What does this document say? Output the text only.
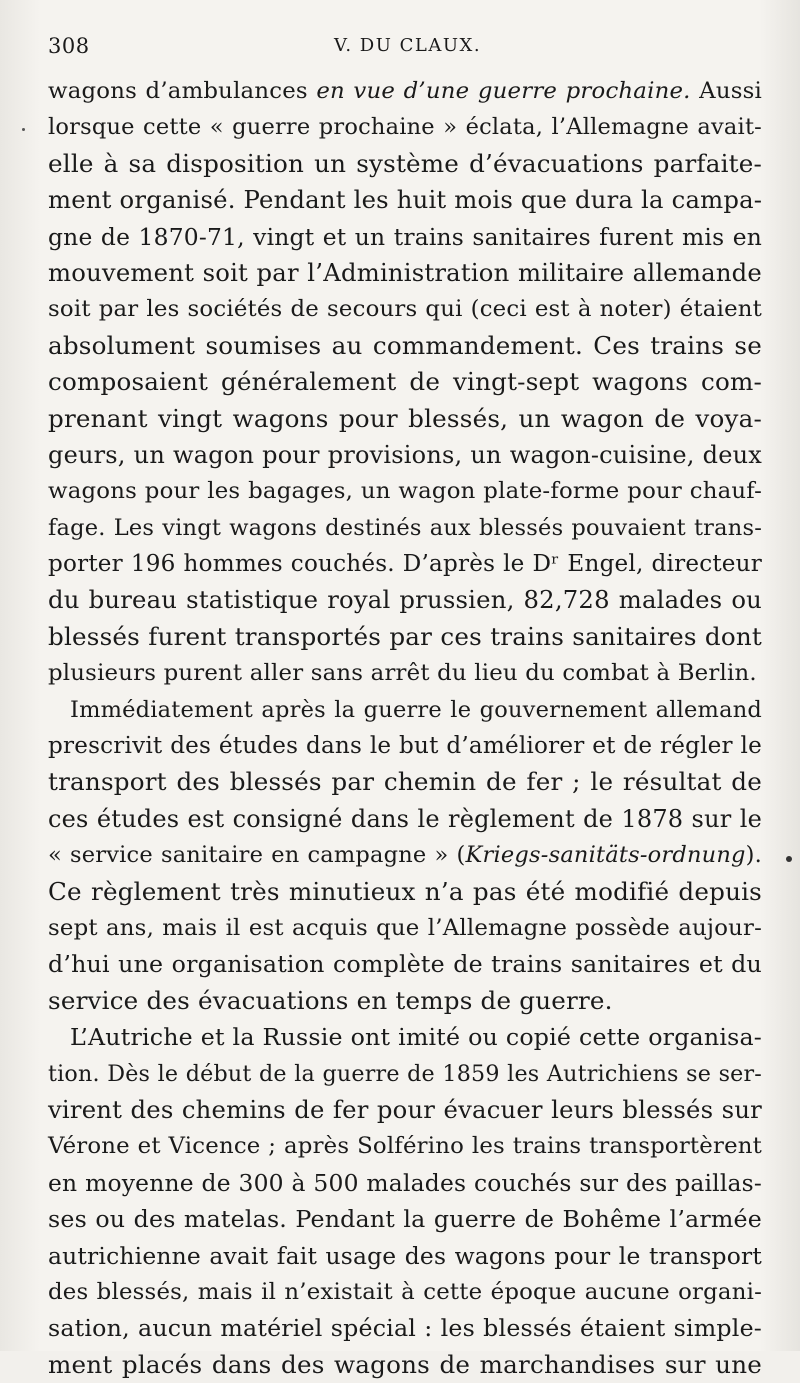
308	V. DU CLAUX.
wagons d’ambulances en vue d’une guerre prochaine. Aussi
lorsque cette « guerre prochaine » éclata, l’Allemagne avait-
elle à sa disposition un système d’évacuations parfaite-
ment organisé. Pendant les huit mois que dura la campa-
gne de 1870-71, vingt et un trains sanitaires furent mis en
mouvement soit par l’Administration militaire allemande
soit par les sociétés de secours qui (ceci est à noter) étaient
absolument soumises au commandement. Ces trains se
composaient généralement de vingt-sept wagons com-
prenant vingt wagons pour blessés, un wagon de voya-
geurs, un wagon pour provisions, un wagon-cuisine, deux
wagons pour les bagages, un wagon plate-forme pour chauf-
fage. Les vingt wagons destinés aux blessés pouvaient trans-
porter 196 hommes couchés. D’après le Dʳ Engel, directeur
du bureau statistique royal prussien, 82,728 malades ou
blessés furent transportés par ces trains sanitaires dont
plusieurs purent aller sans arrêt du lieu du combat à Berlin.
Immédiatement après la guerre le gouvernement allemand
prescrivit des études dans le but d’améliorer et de régler le
transport des blessés par chemin de fer ; le résultat de
ces études est consigné dans le règlement de 1878 sur le
« service sanitaire en campagne » (Kriegs-sanitäts-ordnung).
Ce règlement très minutieux n’a pas été modifié depuis
sept ans, mais il est acquis que l’Allemagne possède aujour-
d’hui une organisation complète de trains sanitaires et du
service des évacuations en temps de guerre.
L’Autriche et la Russie ont imité ou copié cette organisa-
tion. Dès le début de la guerre de 1859 les Autrichiens se ser-
virent des chemins de fer pour évacuer leurs blessés sur
Vérone et Vicence ; après Solférino les trains transportèrent
en moyenne de 300 à 500 malades couchés sur des paillas-
ses ou des matelas. Pendant la guerre de Bohême l’armée
autrichienne avait fait usage des wagons pour le transport
des blessés, mais il n’existait à cette époque aucune organi-
sation, aucun matériel spécial : les blessés étaient simple-
ment placés dans des wagons de marchandises sur une
